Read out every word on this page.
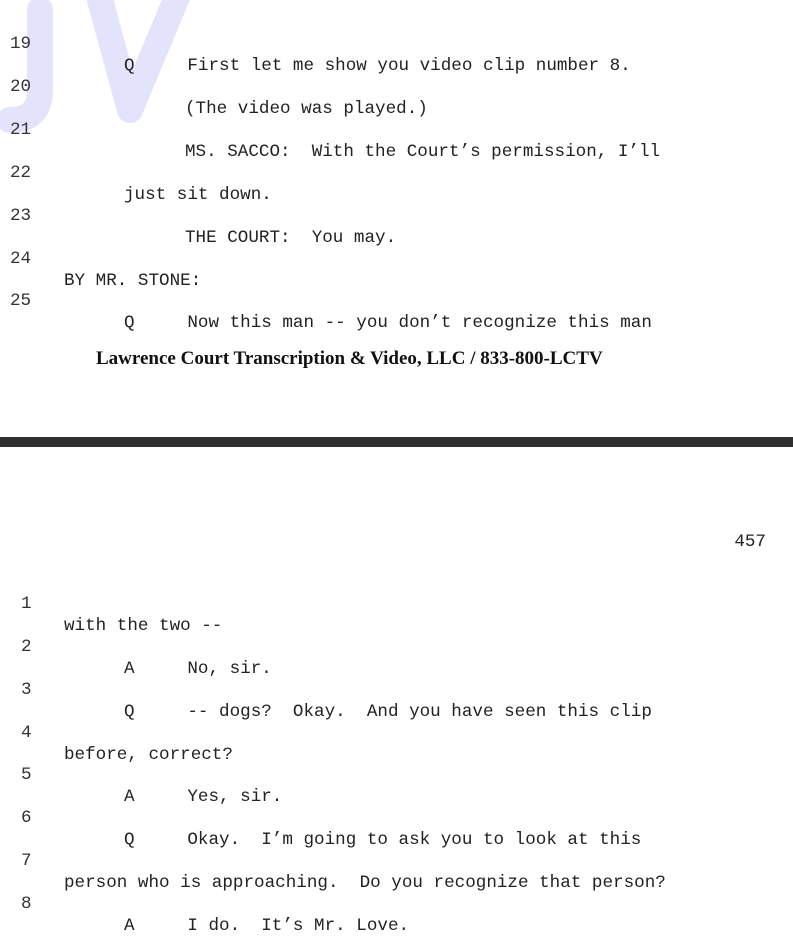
19

Q     First let me show you video clip number 8.

20

(The video was played.)

21

MS. SACCO:  With the Court’s permission, I’ll

22

just sit down.

23

THE COURT:  You may.

24

BY MR. STONE:

25

Q     Now this man -- you don’t recognize this man

Lawrence Court Transcription & Video, LLC / 833-800-LCTV
457

1

with the two --

2

A     No, sir.

3

Q     -- dogs?  Okay.  And you have seen this clip

4

before, correct?

5

A     Yes, sir.

6

Q     Okay.  I’m going to ask you to look at this

7

person who is approaching.  Do you recognize that person?

8

A     I do.  It’s Mr. Love.
